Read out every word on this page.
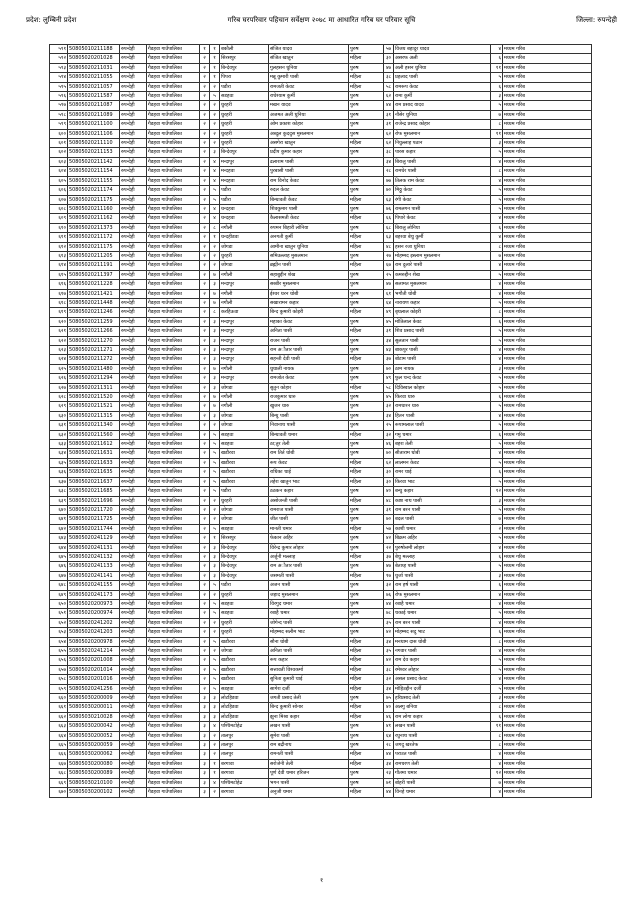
गरिब घरपरिवार पहिचान सर्वेक्षण २०७८ मा आधारित गरिब घर परिवार सूचि
प्रदेश: लुम्बिनी प्रदेश	जिल्ला: रुपन्देही
५९१	50805010211188	रुपन्देही	गैडहवा गाउँपालिका	१	१	बकौली	संजित यादव	पुरुष	५७	विजय बहादुर यादव	४	मध्यम गरिब
५९२	50805020201028	रुपन्देही	गैडहवा गाउँपालिका	२	१	सिरसपुर	संजित खातुन	महिला	३०	असरफ अली	६	मध्यम गरिब
५९३	50805020211031	रुपन्देही	गैडहवा गाउँपालिका	२	१	बिन्देवपुर	गुलहसन धुनिया	पुरुष	४७	अली हसन धुनिया	११	मध्यम गरिब
५९४	50805020211055	रुपन्देही	गैडहवा गाउँपालिका	२	१	पिपरा	मन्नू कुमारी पासी	महिला	३८	प्रहलाद पासी	५	मध्यम गरिब
५९५	50805020211057	रुपन्देही	गैडहवा गाउँपालिका	२	२	पडौरा	रामजती केवट	महिला	५८	रामरूप केवट	६	मध्यम गरिब
५९६	50805020211587	रुपन्देही	गैडहवा गाउँपालिका	२	५	सडहवा	राधेश्याम कुर्मी	पुरुष	६२	रामा कुर्मी	३	मध्यम गरिब
५९७	50805020211087	रुपन्देही	गैडहवा गाउँपालिका	२	२	धुरहरी	मखन यादव	पुरुष	४४	राम प्रसाद यादव	५	मध्यम गरिब
५९८	50805020211089	रुपन्देही	गैडहवा गाउँपालिका	२	२	धुरहरी	अजमत अली धुनिया	पुरुष	३१	नौसेर धुनिया	७	मध्यम गरिब
५९९	50805020211100	रुपन्देही	गैडहवा गाउँपालिका	२	२	धुरहरी	ओम प्रकाश कोहार	पुरुष	३१	राजेन्द्र प्रसाद कोहार	८	मध्यम गरिब
६००	50805020211106	रुपन्देही	गैडहवा गाउँपालिका	२	२	धुरहरी	अब्दुल कुददुस मुसलमान	पुरुष	६२	रोफ मुसलमान	११	मध्यम गरिब
६०१	50805020211110	रुपन्देही	गैडहवा गाउँपालिका	२	२	धुरहरी	असगेरा खातुन	महिला	६२	नियुल्लाह पठान	३	मध्यम गरिब
६०२	50805020211153	रुपन्देही	गैडहवा गाउँपालिका	२	३	बिन्देवपुर	प्रदीप कुमार कहार	पुरुष	३८	पारस कहार	५	मध्यम गरिब
६०३	50805020211142	रुपन्देही	गैडहवा गाउँपालिका	२	४	मन्दापुर	ढलाराम पासी	पुरुष	३४	बिरालु पासी	४	मध्यम गरिब
६०४	50805020211154	रुपन्देही	गैडहवा गाउँपालिका	२	४	मन्दहवा	पुरबासी पासी	पुरुष	२८	रामधेर पासी	८	मध्यम गरिब
६०५	50805020211155	रुपन्देही	गैडहवा गाउँपालिका	२	४	मन्दहवा	राम विनोद केवट	पुरुष	७७	तिलक राम केवट	४	मध्यम गरिब
६०६	50805020211174	रुपन्देही	गैडहवा गाउँपालिका	२	५	पडौरा	रुदल केवट	पुरुष	७०	मिठ्ठु केवट	५	मध्यम गरिब
६०७	50805020211175	रुपन्देही	गैडहवा गाउँपालिका	२	५	पडौरा	बिन्धावती केवट	महिला	६३	रंगी केवट	५	मध्यम गरिब
६०८	50805020211160	रुपन्देही	गैडहवा गाउँपालिका	२	४	धन्दहवा	शिवकुमार पासी	पुरुष	७६	रामलगन पासी	५	मध्यम गरिब
६०९	50805020211162	रुपन्देही	गैडहवा गाउँपालिका	२	४	धन्दहवा	कैलासमती केवट	महिला	६६	पिपारे केवट	४	मध्यम गरिब
६१०	50805020211373	रुपन्देही	गैडहवा गाउँपालिका	२	८	नगौली	रुपमन बिहारी लोनिया	पुरुष	६८	बिरालु लोनिया	६	मध्यम गरिब
६११	50805020211172	रुपन्देही	गैडहवा गाउँपालिका	२	१	धन्दहीडवा	अनगती कुर्मी	महिला	६३	बहरवा बेचु कुर्मी	४	मध्यम गरिब
६१२	50805020211175	रुपन्देही	गैडहवा गाउँपालिका	२	२	जोगडा	आमीना खातुन धुनिया	महिला	४८	हसन रजा धुनिया	८	मध्यम गरिब
६१३	50805020211205	रुपन्देही	गैडहवा गाउँपालिका	२	२	धुरहरी	समिउल्लाह मुसलमान	पुरुष	२७	मोहम्मद इस्लाम मुसलमान	७	मध्यम गरिब
६१४	50805020211191	रुपन्देही	गैडहवा गाउँपालिका	२	२	जोगडा	ब्रह्मीन पासी	महिला	६७	राम दुलारे पासी	४	मध्यम गरिब
६१५	50805020211397	रुपन्देही	गैडहवा गाउँपालिका	२	७	नगौली	सहाबुद्दीन शेख	पुरुष	२५	कमरुद्दीन शेख	५	मध्यम गरिब
६१६	50805020211228	रुपन्देही	गैडहवा गाउँपालिका	२	३	मन्दापुर	सब्बीर मुसलमान	पुरुष	४७	सलामत मुसलमान	४	मध्यम गरिब
६१७	50805020211421	रुपन्देही	गैडहवा गाउँपालिका	२	७	नगौली	ईश्वर धरन धोबी	पुरुष	६१	भगौती धोबी	४	मध्यम गरिब
६१८	50805020211448	रुपन्देही	गैडहवा गाउँपालिका	२	७	नगौली	सखारामन कहार	पुरुष	६४	नारायण कहार	५	मध्यम गरिब
६१९	50805020211246	रुपन्देही	गैडहवा गाउँपालिका	२	८	करहिऊवा	बिन्द कुमारी कोइरी	महिला	४९	बृधलाल कोइरी	८	मध्यम गरिब
६२०	50805020211259	रुपन्देही	गैडहवा गाउँपालिका	२	३	मन्दापुर	महाका केवट	पुरुष	४५	मोतिलाल केवट	६	मध्यम गरिब
६२१	50805020211266	रुपन्देही	गैडहवा गाउँपालिका	२	३	मन्दापुर	अनिता पासी	महिला	३१	शिव प्रसाद पासी	५	मध्यम गरिब
६२२	50805020211270	रुपन्देही	गैडहवा गाउँपालिका	२	३	मन्दापुर	राजन पासी	पुरुष	३४	सुलतान पासी	५	मध्यम गरिब
६२३	50805020211271	रुपन्देही	गैडहवा गाउँपालिका	२	३	मन्दापुर	राम अौतार पासी	पुरुष	४३	बाकपुर पासी	४	मध्यम गरिब
६२४	50805020211272	रुपन्देही	गैडहवा गाउँपालिका	२	३	मन्दापुर	सहन्ती देवी पासी	महिला	३७	बोटाम पासी	४	मध्यम गरिब
६२५	50805020211480	रुपन्देही	गैडहवा गाउँपालिका	२	७	नगौली	धुधाली नायक	पुरुष	७०	ठाम नायक	३	मध्यम गरिब
६२६	50805020211294	रुपन्देही	गैडहवा गाउँपालिका	२	३	मन्दापुर	रामजोत केवट	पुरुष	४९	फुल चन्द केवट	५	मध्यम गरिब
६२७	50805020211311	रुपन्देही	गैडहवा गाउँपालिका	२	३	जोगडा	सुतुन कोहार	महिला	५८	दिविस्वाल कोहार	५	मध्यम गरिब
६२८	50805020211520	रुपन्देही	गैडहवा गाउँपालिका	२	७	नगौली	राजकुमार धारु	पुरुष	४५	किरवा धारु	६	मध्यम गरिब
६२९	50805020211521	रुपन्देही	गैडहवा गाउँपालिका	२	७	नगौली	खुजन धारु	पुरुष	३२	रामधारन धारु	५	मध्यम गरिब
६३०	50805020211315	रुपन्देही	गैडहवा गाउँपालिका	२	३	जोगडा	बिन्धु पासी	पुरुष	३४	हितन पासी	४	मध्यम गरिब
६३१	50805020211340	रुपन्देही	गैडहवा गाउँपालिका	२	२	जोगडा	निवानाथ पासी	पुरुष	२५	रूपामलाल पासी	५	मध्यम गरिब
६३२	50805020211560	रुपन्देही	गैडहवा गाउँपालिका	२	५	सडहवा	बिन्धावती चमार	महिला	३२	गमु चमार	६	मध्यम गरिब
६३३	50805020211612	रुपन्देही	गैडहवा गाउँपालिका	२	५	सडहवा	ठा;तुर तेली	पुरुष	४६	बहरा तेली	५	मध्यम गरिब
६३४	50805020211631	रुपन्देही	गैडहवा गाउँपालिका	२	५	खडौरवा	राम तिर्त धोबी	पुरुष	७०	सीताराम धोबी	४	मध्यम गरिब
६३५	50805020211633	रुपन्देही	गैडहवा गाउँपालिका	२	५	खडौरवा	रूप केवट	महिला	६२	लालमन केवट	५	मध्यम गरिब
६३६	50805020211635	रुपन्देही	गैडहवा गाउँपालिका	२	५	खडौरवा	राधिका चाई	महिला	३०	रामर चाई	६	मध्यम गरिब
६३७	50805020211637	रुपन्देही	गैडहवा गाउँपालिका	२	५	खडौरवा	तहेरा खातुन भाट	महिला	३०	किरवा भाट	५	मध्यम गरिब
६३८	50805020211685	रुपन्देही	गैडहवा गाउँपालिका	२	५	पडौरा	ठठकन कहार	पुरुष	४०	बन्धु कहार	१२	मध्यम गरिब
६३९	50805020211696	रुपन्देही	गैडहवा गाउँपालिका	२	२	धुरहरी	असोजन्ती पासी	महिला	४८	काष्ठ नाथ पासी	३	मध्यम गरिब
६४०	50805020211720	रुपन्देही	गैडहवा गाउँपालिका	२	२	जोगडा	रामराज पासी	पुरुष	३१	राम बरन पासी	५	मध्यम गरिब
६४१	50805020211725	रुपन्देही	गैडहवा गाउँपालिका	२	२	जोगडा	जीत पासी	पुरुष	७०	बदल पासी	७	मध्यम गरिब
६४२	50805020211744	रुपन्देही	गैडहवा गाउँपालिका	२	५	सडहवा	मानती चमार	महिला	५७	काशी चमार	२	मध्यम गरिब
६४३	50805020241129	रुपन्देही	गैडहवा गाउँपालिका	२	१	सिरसपुर	फेकान अहिर	पुरुष	४२	बिक्रम अहिर	५	मध्यम गरिब
६४४	50805020241131	रुपन्देही	गैडहवा गाउँपालिका	२	३	बिन्देवपुर	विरेन्द्र कुमार लोहार	पुरुष	२२	पुरुषोत्तमी लोहार	४	मध्यम गरिब
६४५	50805020241132	रुपन्देही	गैडहवा गाउँपालिका	२	३	बिन्देवपुर	अर्जुनी मल्लाह	महिला	३७	बेचु मल्लाह	६	मध्यम गरिब
६४६	50805020241133	रुपन्देही	गैडहवा गाउँपालिका	२	३	बिन्देवपुर	राम अौतार पासी	पुरुष	४७	बेताय्ह पासी	५	मध्यम गरिब
६४७	50805020241141	रुपन्देही	गैडहवा गाउँपालिका	२	३	बिन्देवपुर	जसमती पासी	महिला	१७	धुर्जा पासी	३	मध्यम गरिब
६४८	50805020241155	रुपन्देही	गैडहवा गाउँपालिका	२	५	पडौरा	अजन पासी	पुरुष	३२	राम हर्ष पासी	६	मध्यम गरिब
६४९	50805020241173	रुपन्देही	गैडहवा गाउँपालिका	२	२	धुरहरी	जहाद मुसलमान	पुरुष	७६	रोफ मुसलमान	४	मध्यम गरिब
६५०	50805020200973	रुपन्देही	गैडहवा गाउँपालिका	२	५	सडहवा	विरगुद चमार	पुरुष	४४	रबाहै चमार	४	मध्यम गरिब
६५१	50805020200974	रुपन्देही	गैडहवा गाउँपालिका	२	५	सडहवा	रबाहै चमार	पुरुष	७८	चकाई चमार	५	मध्यम गरिब
६५२	50805020241202	रुपन्देही	गैडहवा गाउँपालिका	२	२	धुरहरी	जोगेन्द पासी	पुरुष	३५	राम बरन पासी	४	मध्यम गरिब
६५३	50805020241203	रुपन्देही	गैडहवा गाउँपालिका	२	२	धुरहरी	मोहम्मद सलीम भाट	पुरुष	४२	मोहम्मद सदु भाट	६	मध्यम गरिब
६५४	50805020200978	रुपन्देही	गैडहवा गाउँपालिका	२	५	खडौरवा	सौना धोबी	महिला	३४	मनधाम दास धोबी	८	मध्यम गरिब
६५५	50805020241214	रुपन्देही	गैडहवा गाउँपालिका	२	२	जोगडा	अनिता पासी	महिला	३५	नगवार पासी	४	मध्यम गरिब
६५६	50805020201008	रुपन्देही	गैडहवा गाउँपालिका	२	५	खडौरवा	रूप कहार	महिला	४२	राम देव कहार	५	मध्यम गरिब
६५७	50805020201014	रुपन्देही	गैडहवा गाउँपालिका	२	५	खडौरवा	सत्तावती विश्वकर्मा	महिला	३८	रमेश्वर लोहार	५	मध्यम गरिब
६५८	50805020201016	रुपन्देही	गैडहवा गाउँपालिका	२	५	खडौरवा	सुनिता कुमारी चाई	महिला	३२	असल प्रसाद केवट	४	मध्यम गरिब
६५९	50805020241256	रुपन्देही	गैडहवा गाउँपालिका	२	५	सडहवा	सागेरा दर्जी	महिला	३४	मोहिउद्दीन दर्जी	५	मध्यम गरिब
६६०	50805030200009	रुपन्देही	गैडहवा गाउँपालिका	३	३	लोटहिडवा	जगती प्रसाद तेली	पुरुष	७५	हरिप्रसाद तेली	३	मध्यम गरिब
६६१	50805030200011	रुपन्देही	गैडहवा गाउँपालिका	३	३	लोटहिडवा	बिन्द कुमारी सोनार	महिला	४०	अलगु बनिया	८	मध्यम गरिब
६६२	50805030210028	रुपन्देही	गैडहवा गाउँपालिका	३	३	लोटहिडवा	झुना मिश्रा कहार	महिला	४६	राम लोगा कहार	६	मध्यम गरिब
६६३	50805030200042	रुपन्देही	गैडहवा गाउँपालिका	३	४	पश्चिमटोहेढ	लखन पासी	पुरुष	४१	लखन पासी	११	मध्यम गरिब
६६४	50805030200052	रुपन्देही	गैडहवा गाउँपालिका	३	२	तालपुर	सुमेरा पासी	पुरुष	६४	रघुनाथ पासी	८	मध्यम गरिब
६६५	50805030200059	रुपन्देही	गैडहवा गाउँपालिका	३	२	तालपुर	राम बद्रीनाथ	पुरुष	२८	जगदु खरतेफ	८	मध्यम गरिब
६६६	50805030200062	रुपन्देही	गैडहवा गाउँपालिका	३	२	तालपुर	रामनती पासी	महिला	४४	पराउत पासी	४	मध्यम गरिब
६६७	50805030200080	रुपन्देही	गैडहवा गाउँपालिका	३	१	बरगावा	सरोजेनी तेली	महिला	३४	रामचरण तेली	४	मध्यम गरिब
६६८	50805030200089	रुपन्देही	गैडहवा गाउँपालिका	३	१	बरगावा	पूर्ण देवी चमार हरिजन	पुरुष	२३	गौतमा चमार	१२	मध्यम गरिब
६६९	50805030210100	रुपन्देही	गैडहवा गाउँपालिका	३	४	पश्चिमटोहेढ	भगन पासी	पुरुष	७१	बोहरी पासी	७	मध्यम गरिब
६७०	50805030200102	रुपन्देही	गैडहवा गाउँपालिका	३	२	बरगावा	अनुजी चमार	महिला	४४	विनहे चमार	४	मध्यम गरिब
१
